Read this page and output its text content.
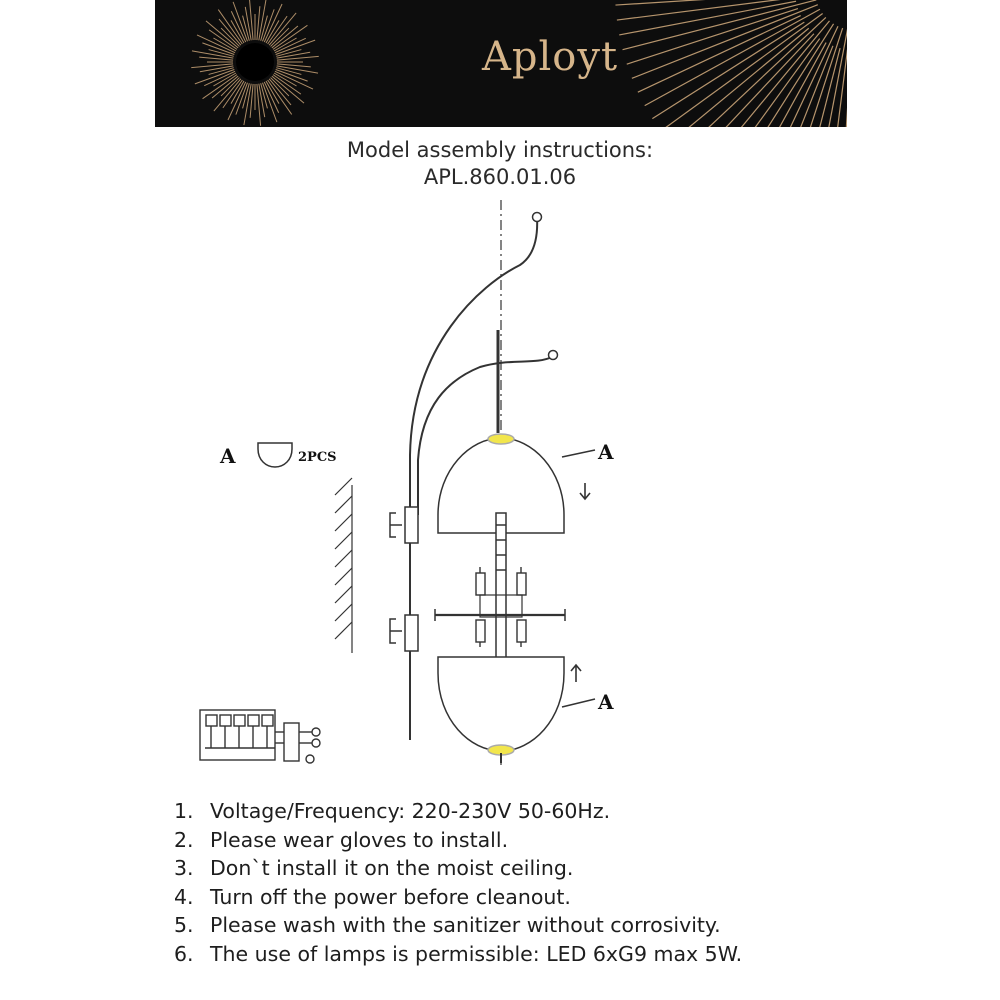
Aployt
Model assembly instructions:
APL.860.01.06
A	2PCS	A
A
1. Voltage/Frequency: 220-230V 50-60Hz.
2. Please wear gloves to install.
3. Don`t install it on the moist ceiling.
4. Turn off the power before cleanout.
5. Please wash with the sanitizer without corrosivity.
6. The use of lamps is permissible: LED 6xG9 max 5W.
